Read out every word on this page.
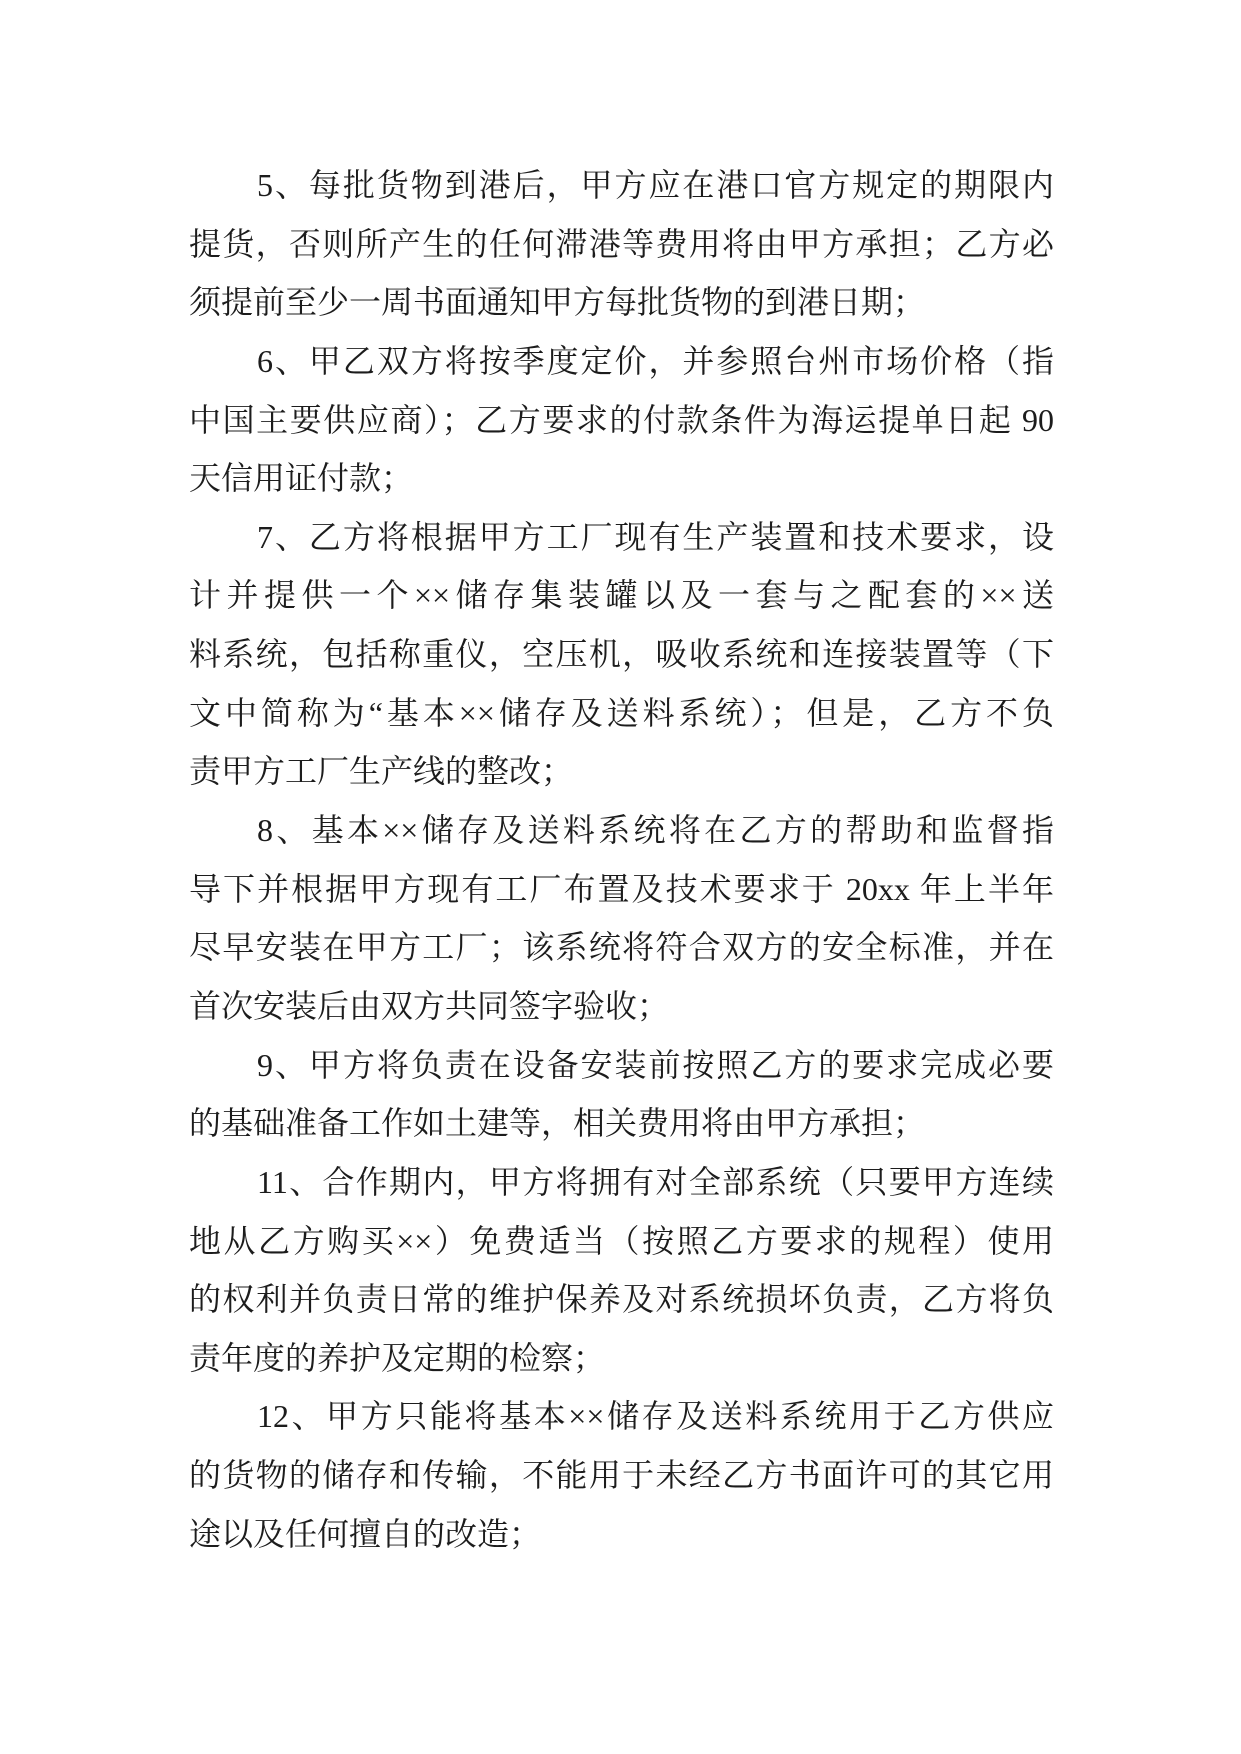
5、每批货物到港后，甲方应在港口官方规定的期限内
提货，否则所产生的任何滞港等费用将由甲方承担；乙方必
须提前至少一周书面通知甲方每批货物的到港日期；
6、甲乙双方将按季度定价，并参照台州市场价格（指
中国主要供应商）；乙方要求的付款条件为海运提单日起 90
天信用证付款；
7、乙方将根据甲方工厂现有生产装置和技术要求，设
计并提供一个××储存集装罐以及一套与之配套的××送
料系统，包括称重仪，空压机，吸收系统和连接装置等（下
文中简称为“基本××储存及送料系统）；但是，乙方不负
责甲方工厂生产线的整改；
8、基本××储存及送料系统将在乙方的帮助和监督指
导下并根据甲方现有工厂布置及技术要求于 20xx 年上半年
尽早安装在甲方工厂；该系统将符合双方的安全标准，并在
首次安装后由双方共同签字验收；
9、甲方将负责在设备安装前按照乙方的要求完成必要
的基础准备工作如土建等，相关费用将由甲方承担；
11、合作期内，甲方将拥有对全部系统（只要甲方连续
地从乙方购买××）免费适当（按照乙方要求的规程）使用
的权利并负责日常的维护保养及对系统损坏负责，乙方将负
责年度的养护及定期的检察；
12、甲方只能将基本××储存及送料系统用于乙方供应
的货物的储存和传输，不能用于未经乙方书面许可的其它用
途以及任何擅自的改造；
